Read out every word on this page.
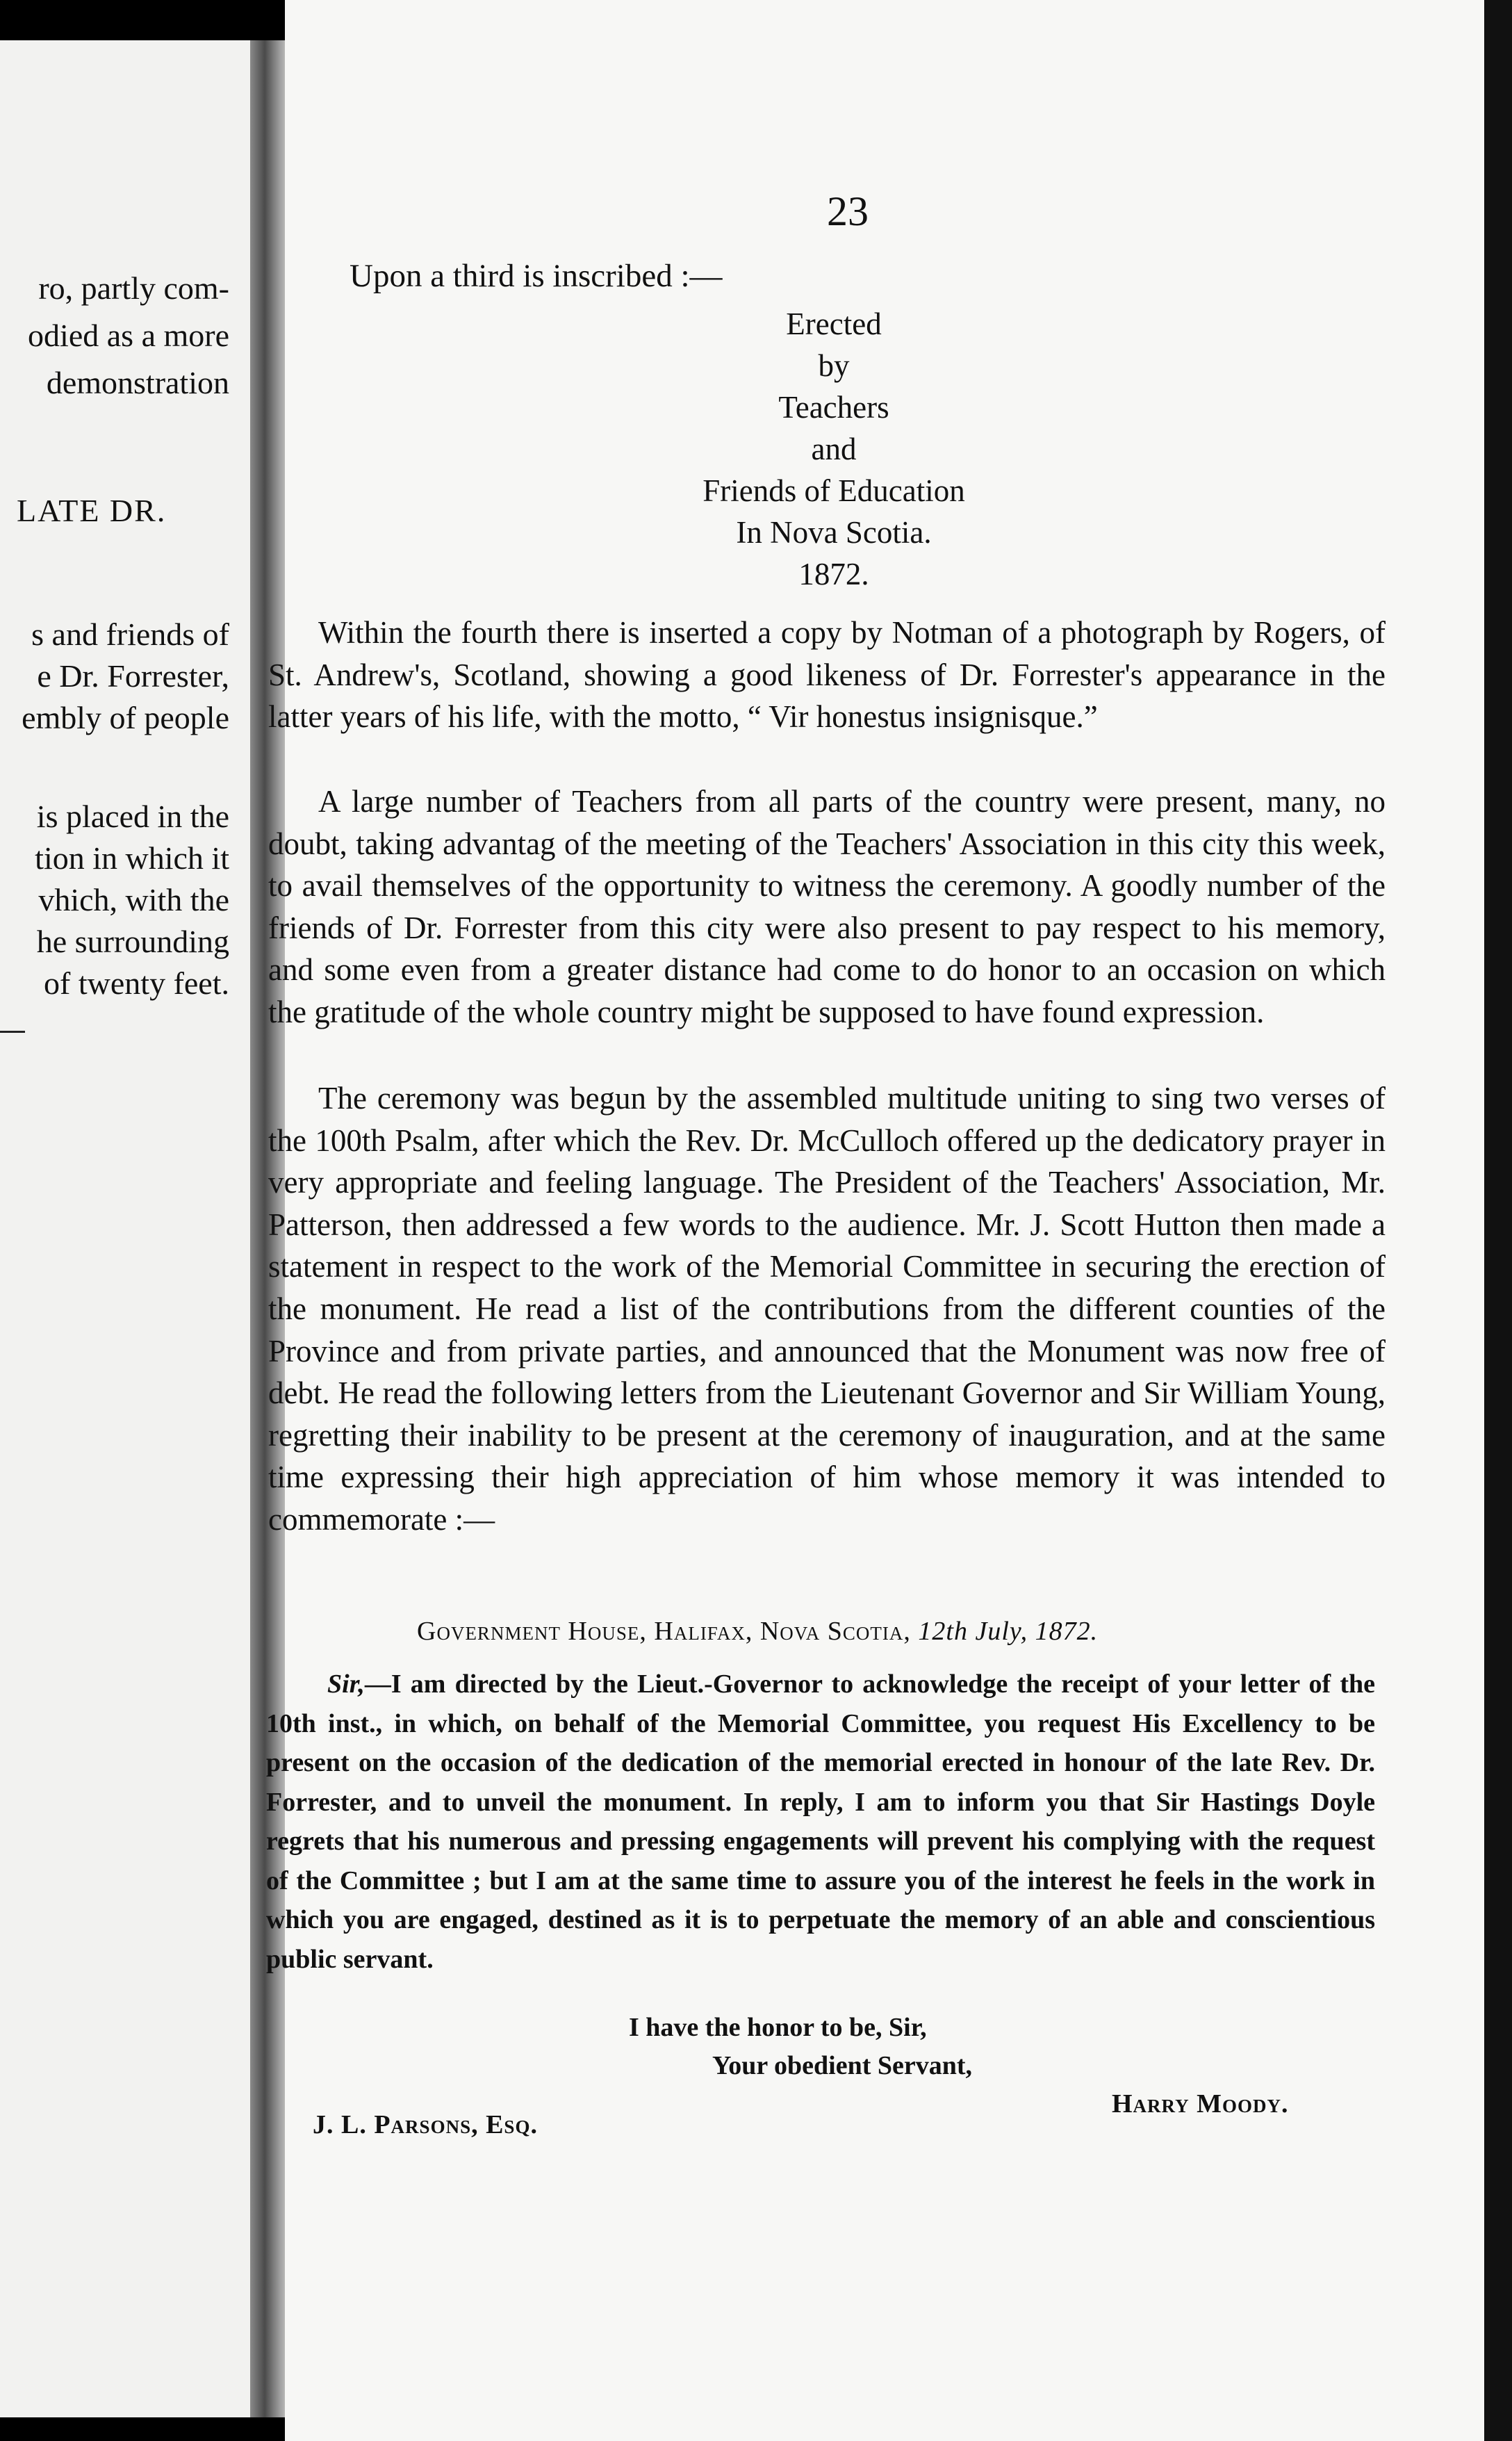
ro, partly com-
odied as a more
demonstration
LATE DR.
s and friends of
e Dr. Forrester,
embly of people
is placed in the
tion in which it
vhich, with the
he surrounding
of twenty feet.
23
Upon a third is inscribed :—
Erected
by
Teachers
and
Friends of Education
In Nova Scotia.
1872.

Within the fourth there is inserted a copy by Notman of a photograph by Rogers, of St. Andrew's, Scotland, showing a good likeness of Dr. Forrester's appearance in the latter years of his life, with the motto, “ Vir honestus insignisque.”

A large number of Teachers from all parts of the country were present, many, no doubt, taking advantag of the meeting of the Teachers' Association in this city this week, to avail themselves of the opportunity to witness the ceremony. A goodly number of the friends of Dr. Forrester from this city were also present to pay respect to his memory, and some even from a greater distance had come to do honor to an occasion on which the gratitude of the whole country might be supposed to have found expression.

The ceremony was begun by the assembled multitude uniting to sing two verses of the 100th Psalm, after which the Rev. Dr. McCulloch offered up the dedicatory prayer in very appropriate and feeling language. The President of the Teachers' Association, Mr. Patterson, then addressed a few words to the audience. Mr. J. Scott Hutton then made a statement in respect to the work of the Memorial Committee in securing the erection of the monument. He read a list of the contributions from the different counties of the Province and from private parties, and announced that the Monument was now free of debt. He read the following letters from the Lieutenant Governor and Sir William Young, regretting their inability to be present at the ceremony of inauguration, and at the same time expressing their high appreciation of him whose memory it was intended to commemorate :—

Government House, Halifax, Nova Scotia, 12th July, 1872.

Sir,—I am directed by the Lieut.-Governor to acknowledge the receipt of your letter of the 10th inst., in which, on behalf of the Memorial Committee, you request His Excellency to be present on the occasion of the dedication of the memorial erected in honour of the late Rev. Dr. Forrester, and to unveil the monument. In reply, I am to inform you that Sir Hastings Doyle regrets that his numerous and pressing engagements will prevent his complying with the request of the Committee ; but I am at the same time to assure you of the interest he feels in the work in which you are engaged, destined as it is to perpetuate the memory of an able and conscientious public servant.

I have the honor to be, Sir,
Your obedient Servant,
Harry Moody.
J. L. Parsons, Esq.
